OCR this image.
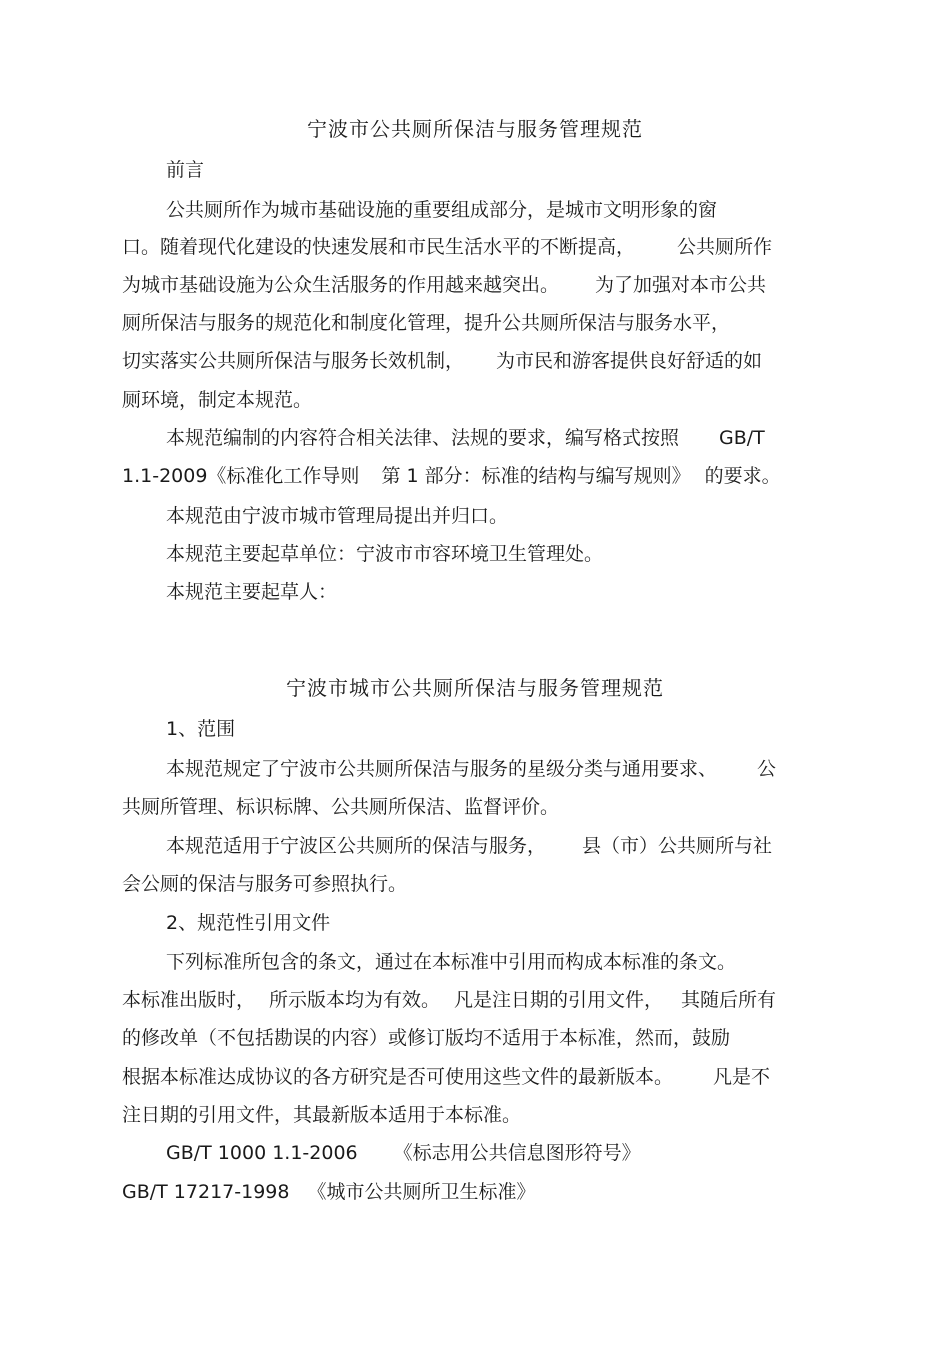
宁波市公共厕所保洁与服务管理规范
前言
公共厕所作为城市基础设施的重要组成部分，是城市文明形象的窗
口。随着现代化建设的快速发展和市民生活水平的不断提高， 公共厕所作
为城市基础设施为公众生活服务的作用越来越突出。 为了加强对本市公共
厕所保洁与服务的规范化和制度化管理，提升公共厕所保洁与服务水平，
切实落实公共厕所保洁与服务长效机制， 为市民和游客提供良好舒适的如
厕环境，制定本规范。
本规范编制的内容符合相关法律、法规的要求，编写格式按照 GB/T
1.1-2009《标准化工作导则 第 1 部分：标准的结构与编写规则》 的要求。
本规范由宁波市城市管理局提出并归口。
本规范主要起草单位：宁波市市容环境卫生管理处。
本规范主要起草人：
宁波市城市公共厕所保洁与服务管理规范
1、范围
本规范规定了宁波市公共厕所保洁与服务的星级分类与通用要求、 公
共厕所管理、标识标牌、公共厕所保洁、监督评价。
本规范适用于宁波区公共厕所的保洁与服务， 县（市）公共厕所与社
会公厕的保洁与服务可参照执行。
2、规范性引用文件
下列标准所包含的条文，通过在本标准中引用而构成本标准的条文。
本标准出版时， 所示版本均为有效。 凡是注日期的引用文件， 其随后所有
的修改单（不包括勘误的内容）或修订版均不适用于本标准，然而，鼓励
根据本标准达成协议的各方研究是否可使用这些文件的最新版本。 凡是不
注日期的引用文件，其最新版本适用于本标准。
GB/T 1000 1.1-2006 《标志用公共信息图形符号》
GB/T 17217-1998 《城市公共厕所卫生标准》
